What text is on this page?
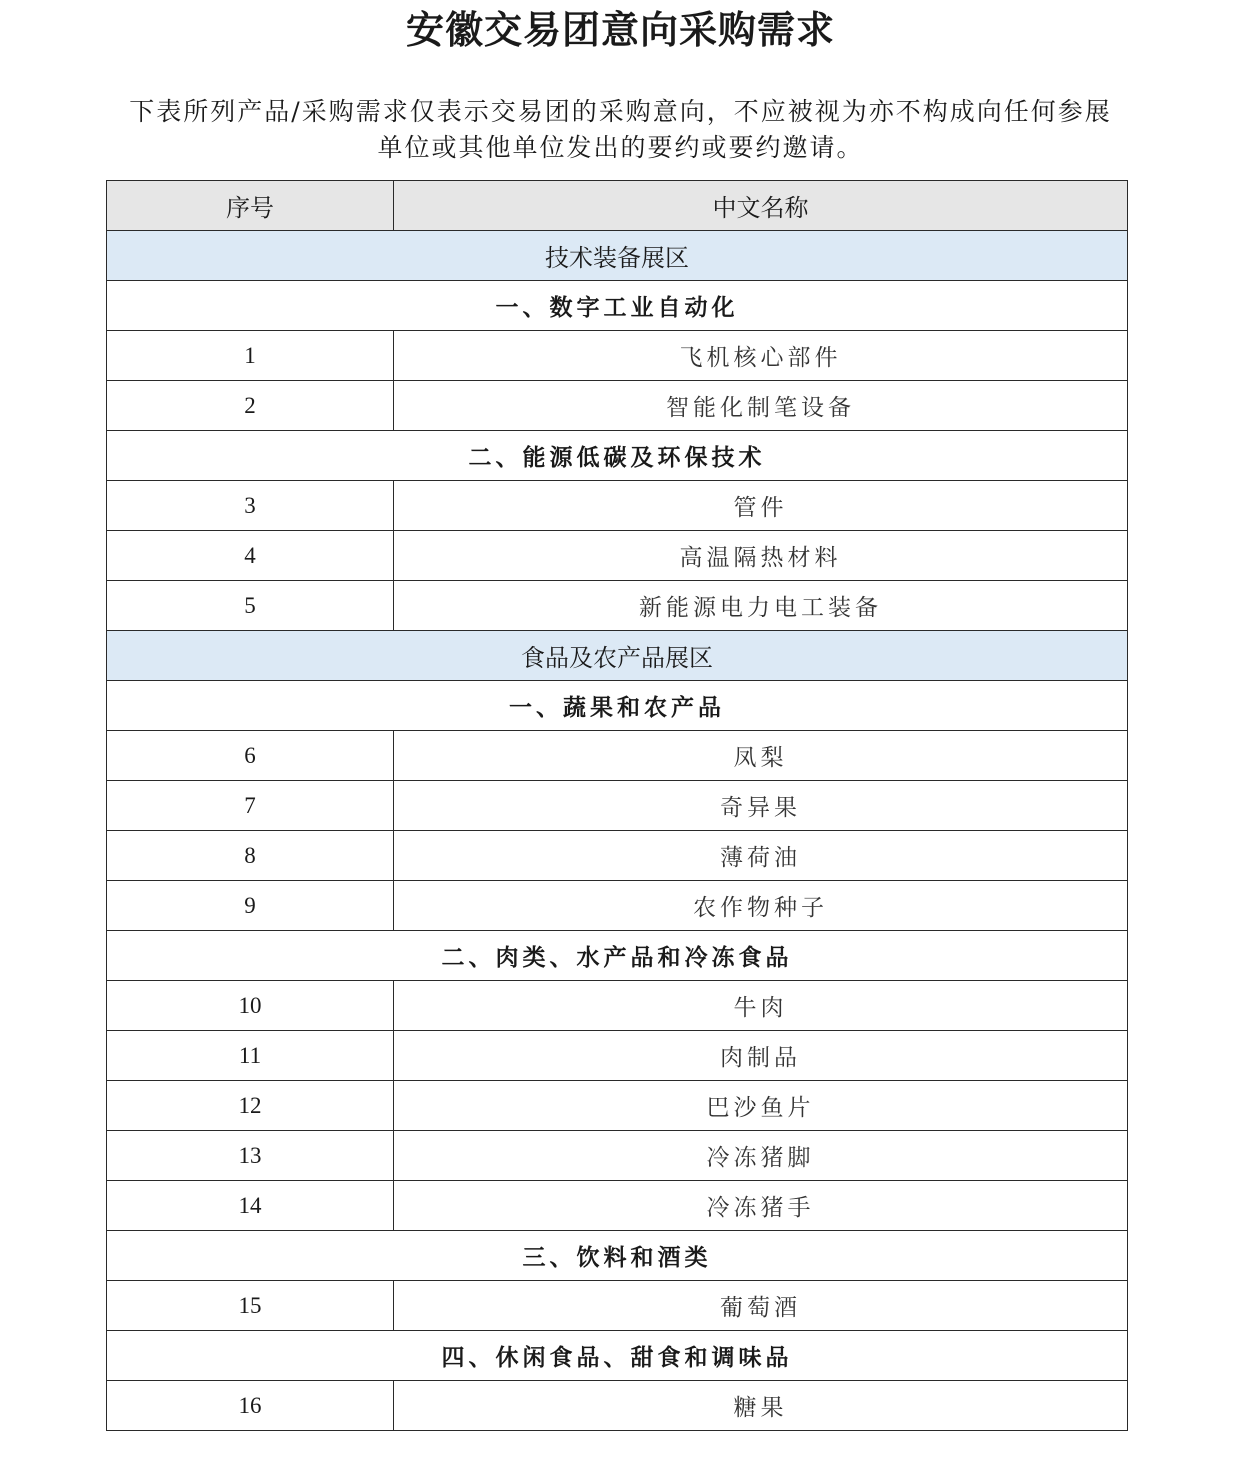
安徽交易团意向采购需求
下表所列产品/采购需求仅表示交易团的采购意向，不应被视为亦不构成向任何参展
单位或其他单位发出的要约或要约邀请。
序号	中文名称
技术装备展区	
一、数字工业自动化	
1	飞机核心部件
2	智能化制笔设备
二、能源低碳及环保技术	
3	管件
4	高温隔热材料
5	新能源电力电工装备
食品及农产品展区	
一、蔬果和农产品	
6	凤梨
7	奇异果
8	薄荷油
9	农作物种子
二、肉类、水产品和冷冻食品	
10	牛肉
11	肉制品
12	巴沙鱼片
13	冷冻猪脚
14	冷冻猪手
三、饮料和酒类	
15	葡萄酒
四、休闲食品、甜食和调味品	
16	糖果
